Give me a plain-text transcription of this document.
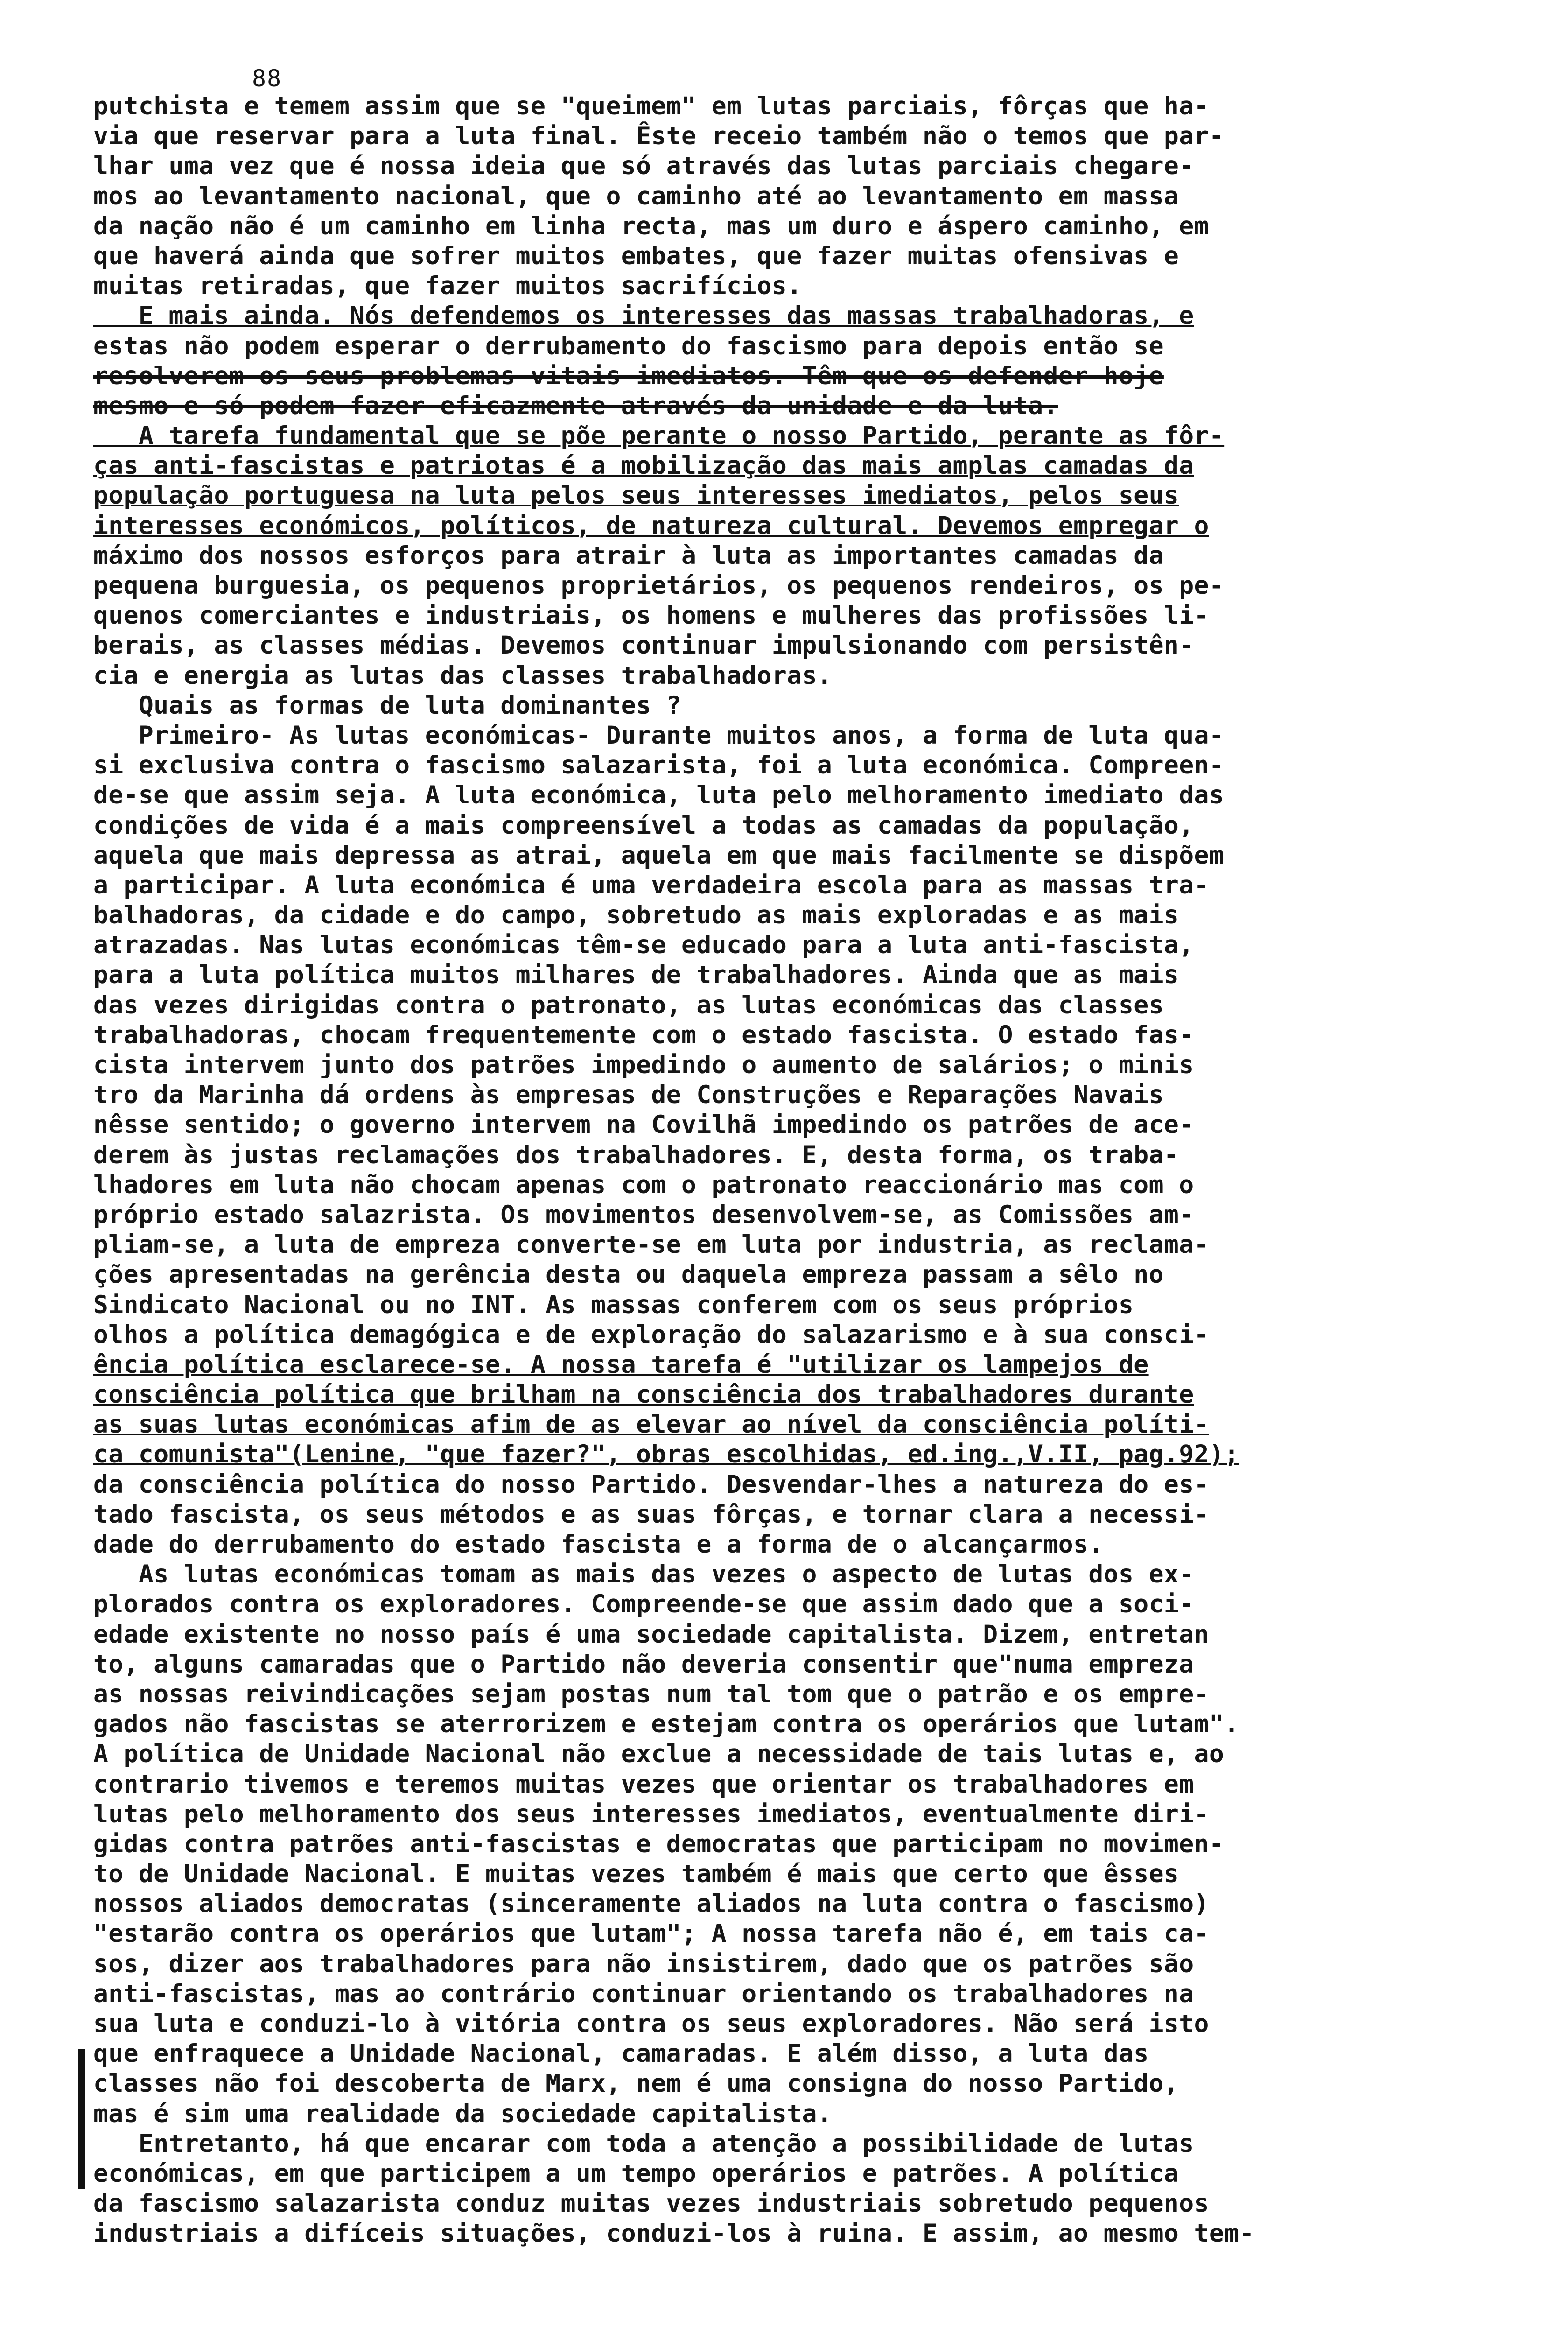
88
putchista e temem assim que se "queimem" em lutas parciais, fôrças que ha-
via que reservar para a luta final. Êste receio também não o temos que par-
lhar uma vez que é nossa ideia que só através das lutas parciais chegare-
mos ao levantamento nacional, que o caminho até ao levantamento em massa
da nação não é um caminho em linha recta, mas um duro e áspero caminho, em
que haverá ainda que sofrer muitos embates, que fazer muitas ofensivas e
muitas retiradas, que fazer muitos sacrifícios.
E mais ainda. Nós defendemos os interesses das massas trabalhadoras, e
estas não podem esperar o derrubamento do fascismo para depois então se
resolverem os seus problemas vitais imediatos. Têm que os defender hoje
mesmo e só podem fazer eficazmente através da unidade e da luta.
A tarefa fundamental que se põe perante o nosso Partido, perante as fôr-
ças anti-fascistas e patriotas é a mobilização das mais amplas camadas da
população portuguesa na luta pelos seus interesses imediatos, pelos seus
interesses económicos, políticos, de natureza cultural. Devemos empregar o
máximo dos nossos esforços para atrair à luta as importantes camadas da
pequena burguesia, os pequenos proprietários, os pequenos rendeiros, os pe-
quenos comerciantes e industriais, os homens e mulheres das profissões li-
berais, as classes médias. Devemos continuar impulsionando com persistên-
cia e energia as lutas das classes trabalhadoras.
Quais as formas de luta dominantes ?
Primeiro- As lutas económicas- Durante muitos anos, a forma de luta qua-
si exclusiva contra o fascismo salazarista, foi a luta económica. Compreen-
de-se que assim seja. A luta económica, luta pelo melhoramento imediato das
condições de vida é a mais compreensível a todas as camadas da população,
aquela que mais depressa as atrai, aquela em que mais facilmente se dispõem
a participar. A luta económica é uma verdadeira escola para as massas tra-
balhadoras, da cidade e do campo, sobretudo as mais exploradas e as mais
atrazadas. Nas lutas económicas têm-se educado para a luta anti-fascista,
para a luta política muitos milhares de trabalhadores. Ainda que as mais
das vezes dirigidas contra o patronato, as lutas económicas das classes
trabalhadoras, chocam frequentemente com o estado fascista. O estado fas-
cista intervem junto dos patrões impedindo o aumento de salários; o minis
tro da Marinha dá ordens às empresas de Construções e Reparações Navais
nêsse sentido; o governo intervem na Covilhã impedindo os patrões de ace-
derem às justas reclamações dos trabalhadores. E, desta forma, os traba-
lhadores em luta não chocam apenas com o patronato reaccionário mas com o
próprio estado salazrista. Os movimentos desenvolvem-se, as Comissões am-
pliam-se, a luta de empreza converte-se em luta por industria, as reclama-
ções apresentadas na gerência desta ou daquela empreza passam a sêlo no
Sindicato Nacional ou no INT. As massas conferem com os seus próprios
olhos a política demagógica e de exploração do salazarismo e à sua consci-
ência política esclarece-se. A nossa tarefa é "utilizar os lampejos de
consciência política que brilham na consciência dos trabalhadores durante
as suas lutas económicas afim de as elevar ao nível da consciência políti-
ca comunista"(Lenine, "que fazer?", obras escolhidas, ed.ing.,V.II, pag.92);
da consciência política do nosso Partido. Desvendar-lhes a natureza do es-
tado fascista, os seus métodos e as suas fôrças, e tornar clara a necessi-
dade do derrubamento do estado fascista e a forma de o alcançarmos.
As lutas económicas tomam as mais das vezes o aspecto de lutas dos ex-
plorados contra os exploradores. Compreende-se que assim dado que a soci-
edade existente no nosso país é uma sociedade capitalista. Dizem, entretan
to, alguns camaradas que o Partido não deveria consentir que"numa empreza
as nossas reivindicações sejam postas num tal tom que o patrão e os empre-
gados não fascistas se aterrorizem e estejam contra os operários que lutam".
A política de Unidade Nacional não exclue a necessidade de tais lutas e, ao
contrario tivemos e teremos muitas vezes que orientar os trabalhadores em
lutas pelo melhoramento dos seus interesses imediatos, eventualmente diri-
gidas contra patrões anti-fascistas e democratas que participam no movimen-
to de Unidade Nacional. E muitas vezes também é mais que certo que êsses
nossos aliados democratas (sinceramente aliados na luta contra o fascismo)
"estarão contra os operários que lutam"; A nossa tarefa não é, em tais ca-
sos, dizer aos trabalhadores para não insistirem, dado que os patrões são
anti-fascistas, mas ao contrário continuar orientando os trabalhadores na
sua luta e conduzi-lo à vitória contra os seus exploradores. Não será isto
que enfraquece a Unidade Nacional, camaradas. E além disso, a luta das
classes não foi descoberta de Marx, nem é uma consigna do nosso Partido,
mas é sim uma realidade da sociedade capitalista.
Entretanto, há que encarar com toda a atenção a possibilidade de lutas
económicas, em que participem a um tempo operários e patrões. A política
da fascismo salazarista conduz muitas vezes industriais sobretudo pequenos
industriais a difíceis situações, conduzi-los à ruina. E assim, ao mesmo tem-
